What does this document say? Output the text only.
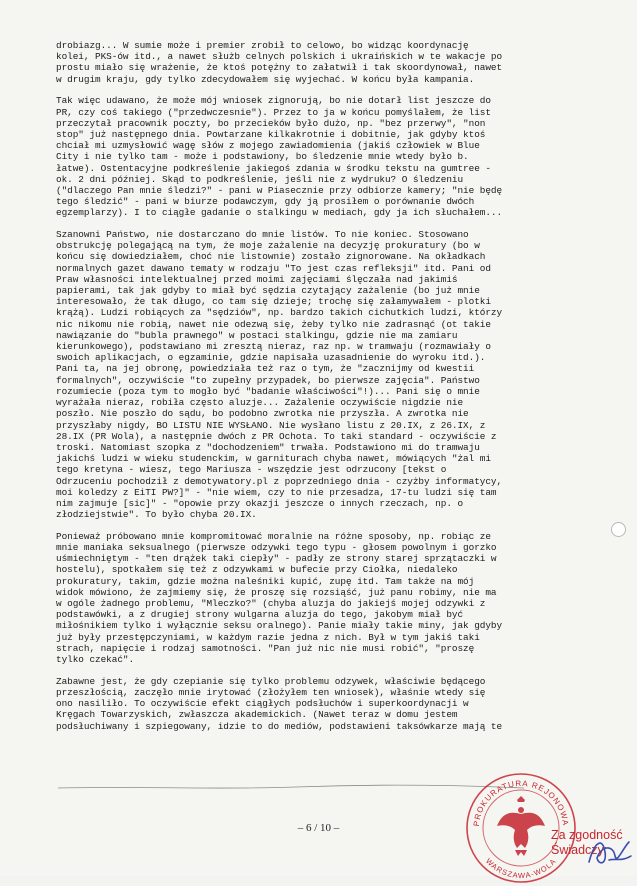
drobiazg... W sumie może i premier zrobił to celowo, bo widząc koordynację
kolei, PKS-ów itd., a nawet służb celnych polskich i ukraińskich w te wakacje po
prostu miało się wrażenie, że ktoś potężny to załatwił i tak skoordynował, nawet
w drugim kraju, gdy tylko zdecydowałem się wyjechać. W końcu była kampania.

Tak więc udawano, że może mój wniosek zignorują, bo nie dotarł list jeszcze do
PR, czy coś takiego ("przedwczesnie"). Przez to ja w końcu pomyślałem, że list
przeczytał pracownik poczty, bo przecieków było dużo, np. "bez przerwy", "non
stop" już następnego dnia. Powtarzane kilkakrotnie i dobitnie, jak gdyby ktoś
chciał mi uzmysłowić wagę słów z mojego zawiadomienia (jakiś człowiek w Blue
City i nie tylko tam - może i podstawiony, bo śledzenie mnie wtedy było b.
łatwe). Ostentacyjne podkreślenie jakiegoś zdania w środku tekstu na gumtree -
ok. 2 dni później. Skąd to podkreślenie, jeśli nie z wydruku? O śledzeniu
("dlaczego Pan mnie śledzi?" - pani w Piasecznie przy odbiorze kamery; "nie będę
tego śledzić" - pani w biurze podawczym, gdy ją prosiłem o porównanie dwóch
egzemplarzy). I to ciągłe gadanie o stalkingu w mediach, gdy ja ich słuchałem...

Szanowni Państwo, nie dostarczano do mnie listów. To nie koniec. Stosowano
obstrukcję polegającą na tym, że moje zażalenie na decyzję prokuratury (bo w
końcu się dowiedziałem, choć nie listownie) zostało zignorowane. Na okładkach
normalnych gazet dawano tematy w rodzaju "To jest czas refleksji" itd. Pani od
Praw własności intelektualnej przed moimi zajęciami ślęczała nad jakimiś
papierami, tak jak gdyby to miał być sędzia czytający zażalenie (bo już mnie
interesowało, że tak długo, co tam się dzieje; trochę się załamywałem - plotki
krążą). Ludzi robiących za "sędziów", np. bardzo takich cichutkich ludzi, którzy
nic nikomu nie robią, nawet nie odezwą się, żeby tylko nie zadrasnąć (ot takie
nawiązanie do "bubla prawnego" w postaci stalkingu, gdzie nie ma zamiaru
kierunkowego), podstawiano mi zresztą nieraz, raz np. w tramwaju (rozmawiały o
swoich aplikacjach, o egzaminie, gdzie napisała uzasadnienie do wyroku itd.).
Pani ta, na jej obronę, powiedziała też raz o tym, że "zacznijmy od kwestii
formalnych", oczywiście "to zupełny przypadek, bo pierwsze zajęcia". Państwo
rozumiecie (poza tym to mogło być "badanie właściwości"!)... Pani się o mnie
wyrażała nieraz, robiła często aluzje... Zażalenie oczywiście nigdzie nie
poszło. Nie poszło do sądu, bo podobno zwrotka nie przyszła. A zwrotka nie
przyszłaby nigdy, BO LISTU NIE WYSŁANO. Nie wysłano listu z 20.IX, z 26.IX, z
28.IX (PR Wola), a następnie dwóch z PR Ochota. To taki standard - oczywiście z
troski. Natomiast szopka z "dochodzeniem" trwała. Podstawiono mi do tramwaju
jakichś ludzi w wieku studenckim, w garniturach chyba nawet, mówiących "żal mi
tego kretyna - wiesz, tego Mariusza - wszędzie jest odrzucony [tekst o
Odrzuceniu pochodził z demotywatory.pl z poprzedniego dnia - czyżby informatycy,
moi koledzy z EiTI PW?]" - "nie wiem, czy to nie przesadza, 17-tu ludzi się tam
nim zajmuje [sic]" - "opowie przy okazji jeszcze o innych rzeczach, np. o
złodziejstwie". To było chyba 20.IX.

Ponieważ próbowano mnie kompromitować moralnie na różne sposoby, np. robiąc ze
mnie maniaka seksualnego (pierwsze odzywki tego typu - głosem powolnym i gorzko
uśmiechniętym - "ten drążek taki ciepły" - padły ze strony starej sprzątaczki w
hostelu), spotkałem się też z odzywkami w bufecie przy Ciołka, niedaleko
prokuratury, takim, gdzie można naleśniki kupić, zupę itd. Tam także na mój
widok mówiono, że zajmiemy się, że proszę się rozsiąść, już panu robimy, nie ma
w ogóle żadnego problemu, "Mleczko?" (chyba aluzja do jakiejś mojej odzywki z
podstawówki, a z drugiej strony wulgarna aluzja do tego, jakobym miał być
miłośnikiem tylko i wyłącznie seksu oralnego). Panie miały takie miny, jak gdyby
już były przestępczyniami, w każdym razie jedna z nich. Był w tym jakiś taki
strach, napięcie i rodzaj samotności. "Pan już nic nie musi robić", "proszę
tylko czekać".

Zabawne jest, że gdy czepianie się tylko problemu odzywek, właściwie będącego
przeszłością, zaczęło mnie irytować (złożyłem ten wniosek), właśnie wtedy się
ono nasiliło. To oczywiście efekt ciągłych podsłuchów i superkoordynacji w
Kręgach Towarzyskich, zwłaszcza akademickich. (Nawet teraz w domu jestem
podsłuchiwany i szpiegowany, idzie to do mediów, podstawieni taksówkarze mają te

– 6 / 10 –	PROKURATURA REJONOWA
WARSZAWA-WOLA
Za zgodność
Świadczy:
